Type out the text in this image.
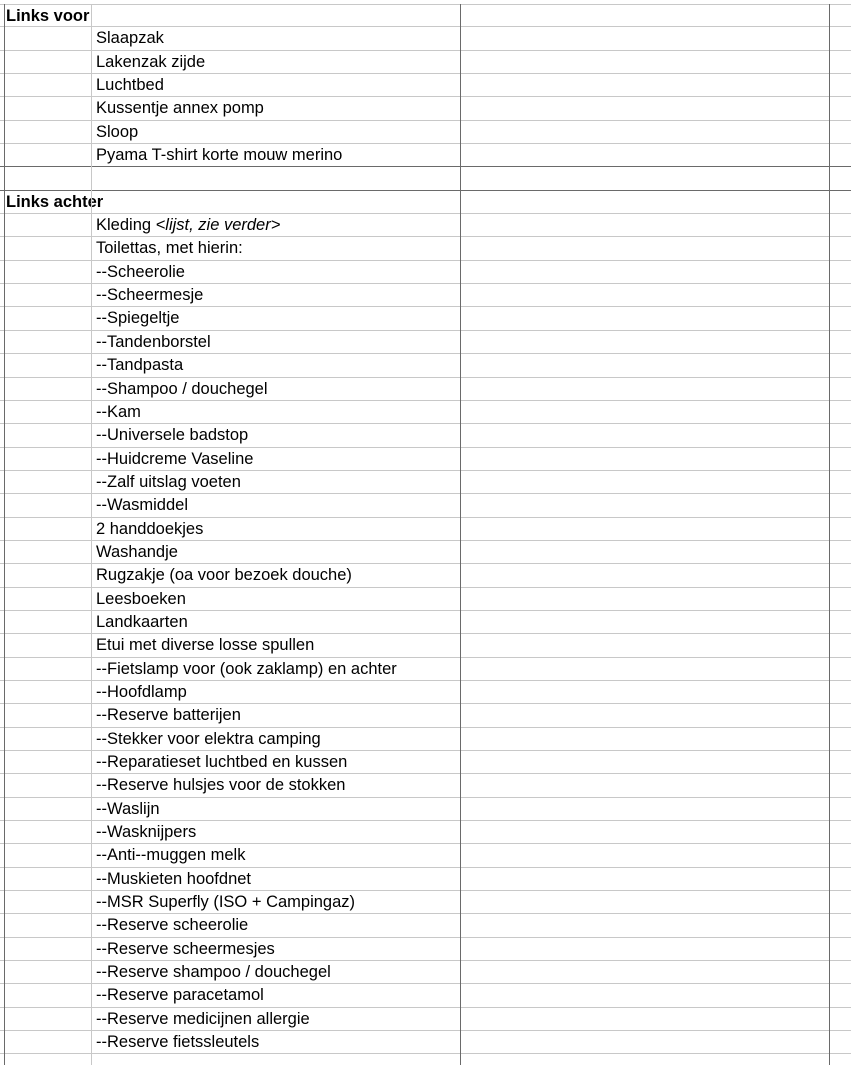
Links voor
Slaapzak
Lakenzak zijde
Luchtbed
Kussentje annex pomp
Sloop
Pyama T-shirt korte mouw merino
Links achter
Kleding <lijst, zie verder>
Toilettas, met hierin:
--Scheerolie
--Scheermesje
--Spiegeltje
--Tandenborstel
--Tandpasta
--Shampoo / douchegel
--Kam
--Universele badstop
--Huidcreme Vaseline
--Zalf uitslag voeten
--Wasmiddel
2 handdoekjes
Washandje
Rugzakje (oa voor bezoek douche)
Leesboeken
Landkaarten
Etui met diverse losse spullen
--Fietslamp voor (ook zaklamp) en achter
--Hoofdlamp
--Reserve batterijen
--Stekker voor elektra camping
--Reparatieset luchtbed en kussen
--Reserve hulsjes voor de stokken
--Waslijn
--Wasknijpers
--Anti--muggen melk
--Muskieten hoofdnet
--MSR Superfly (ISO + Campingaz)
--Reserve scheerolie
--Reserve scheermesjes
--Reserve shampoo / douchegel
--Reserve paracetamol
--Reserve medicijnen allergie
--Reserve fietssleutels
